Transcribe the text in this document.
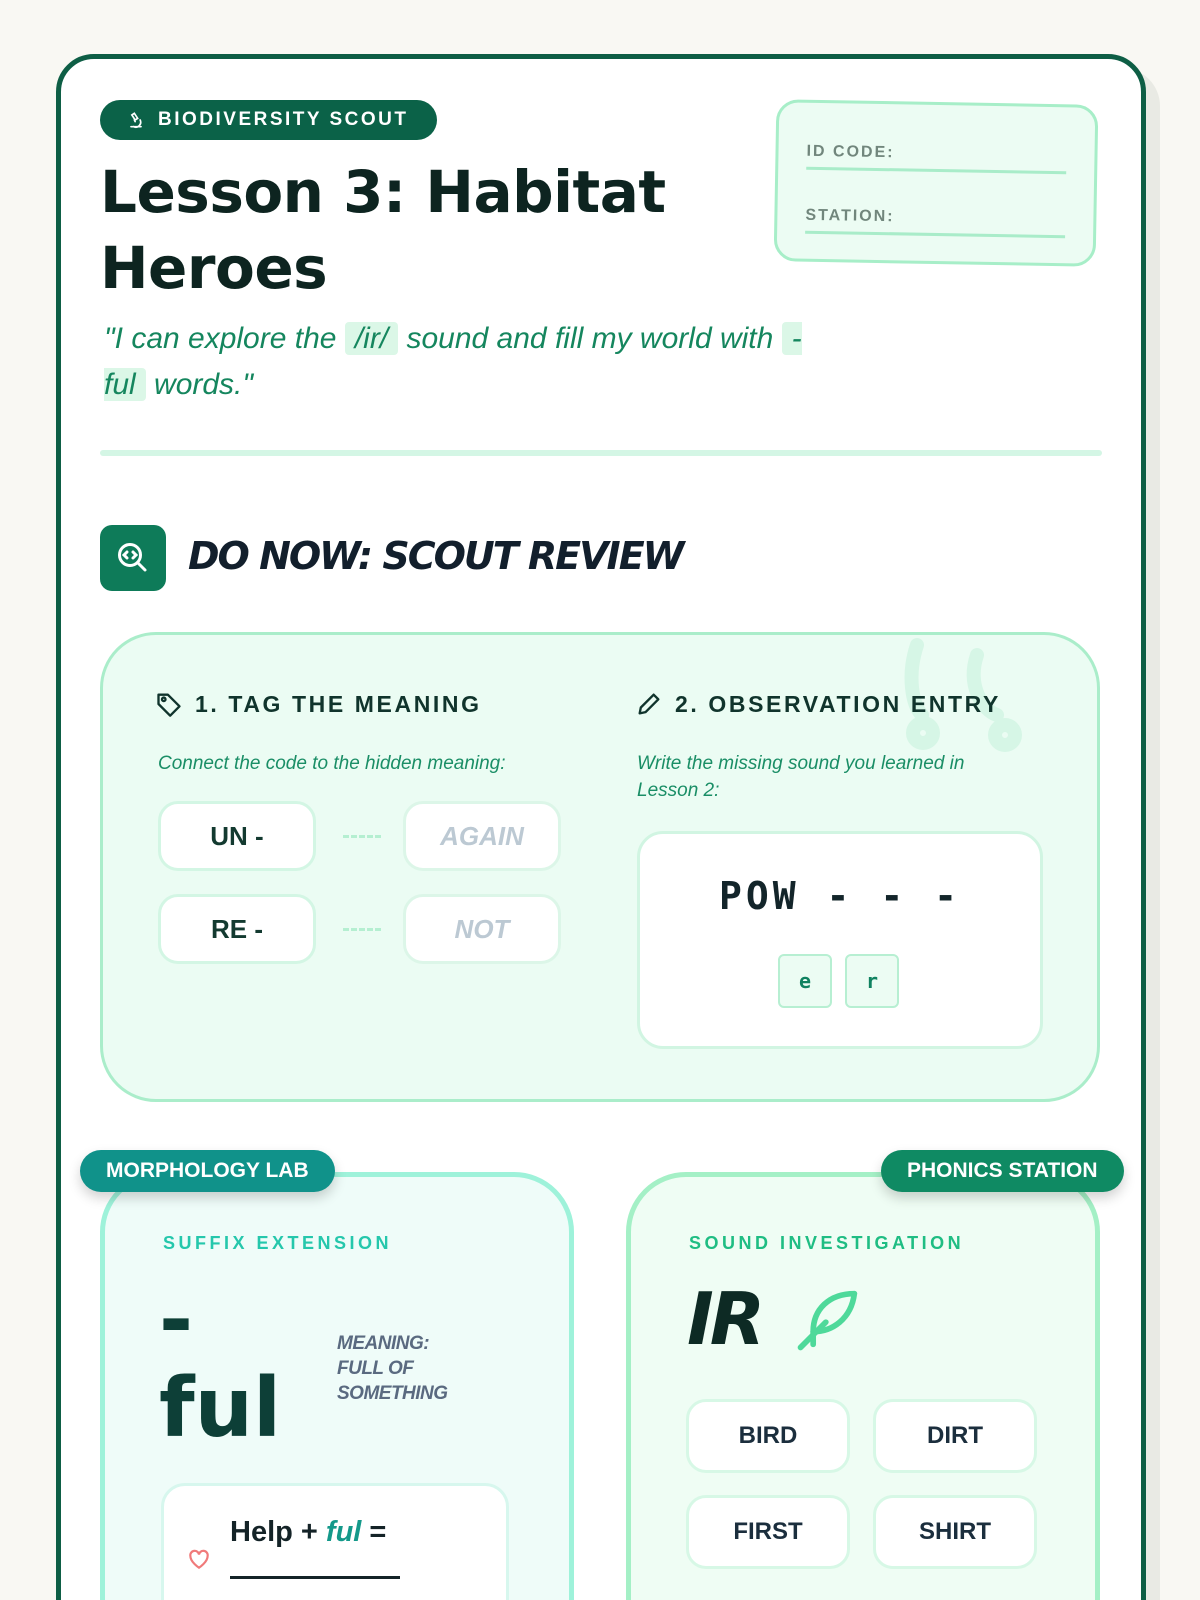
BIODIVERSITY SCOUT
Lesson 3: Habitat Heroes
"I can explore the /ir/ sound and fill my world with -ful words."
ID CODE:
STATION:
DO NOW: SCOUT REVIEW
1. TAG THE MEANING
Connect the code to the hidden meaning:
UN -	AGAIN
RE -	NOT
2. OBSERVATION ENTRY
Write the missing sound you learned in Lesson 2:
POW - - -
e	r
SUFFIX EXTENSION
-ful
MEANING: FULL OF SOMETHING
Help + ful =
MORPHOLOGY LAB
SOUND INVESTIGATION
IR
BIRD	DIRT
FIRST	SHIRT
PHONICS STATION
